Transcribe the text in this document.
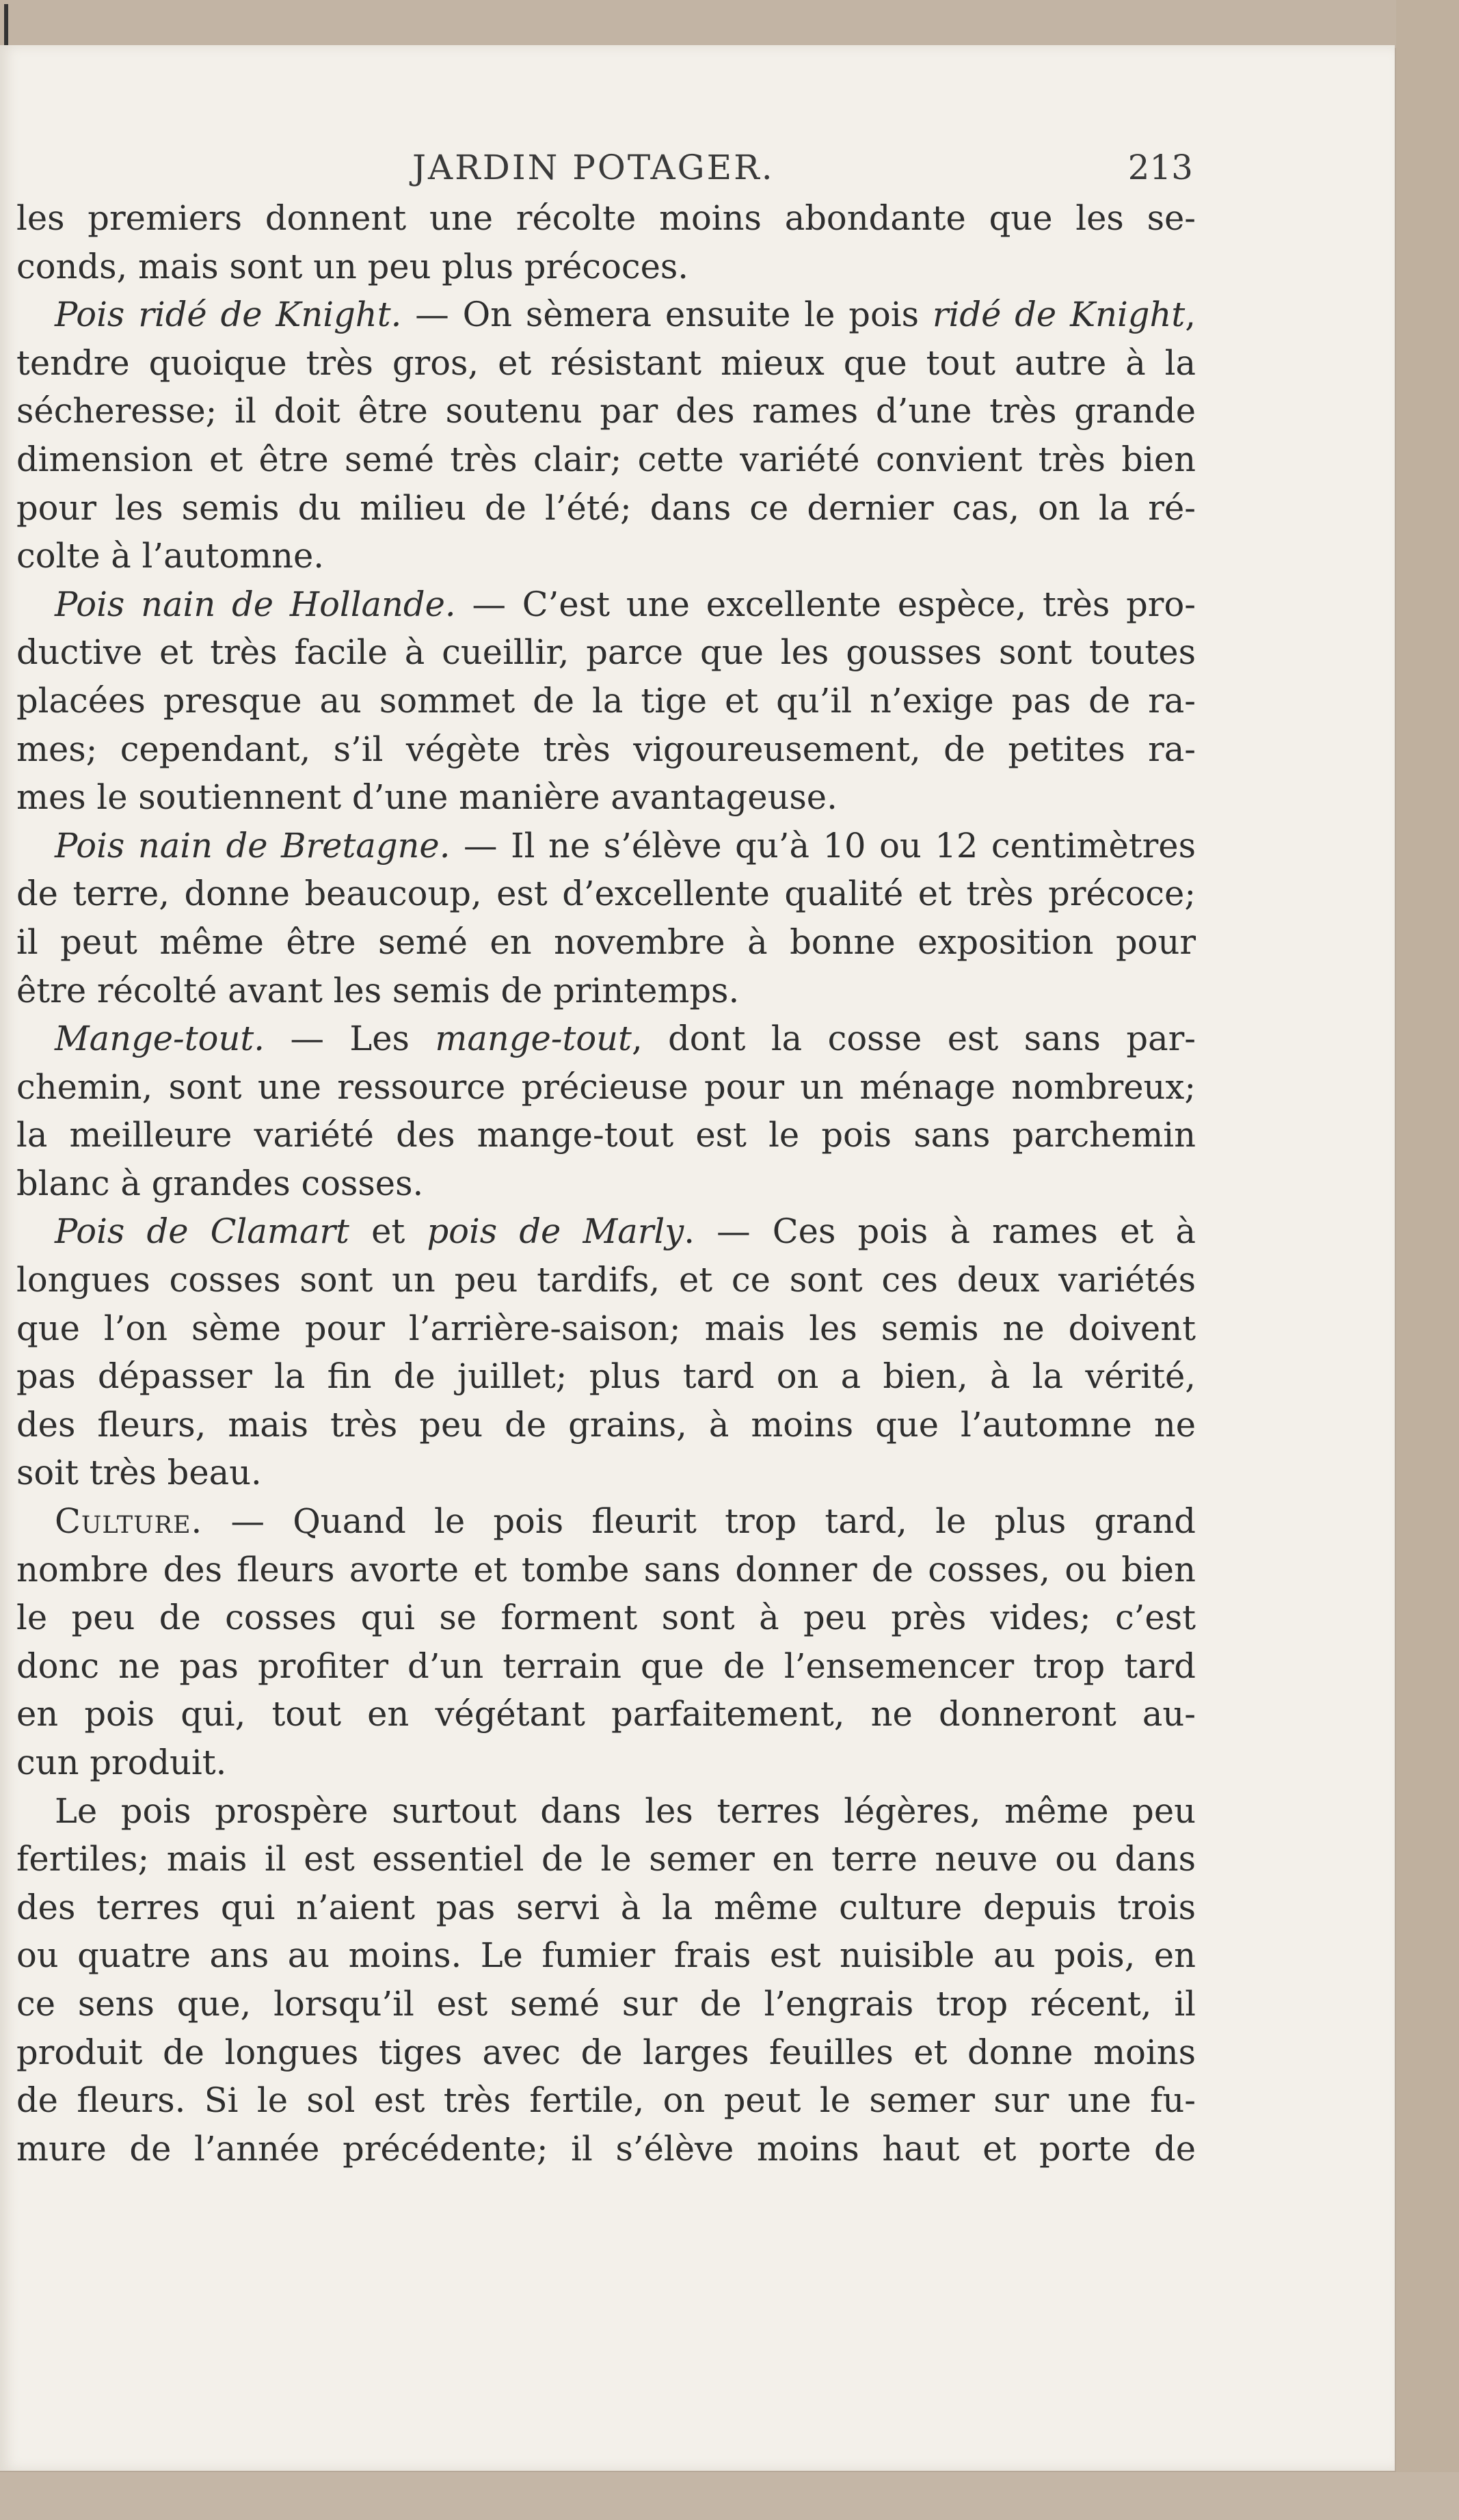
JARDIN POTAGER.	213
les premiers donnent une récolte moins abondante que les se-
conds, mais sont un peu plus précoces.
Pois ridé de Knight. — On sèmera ensuite le pois ridé de Knight,
tendre quoique très gros, et résistant mieux que tout autre à la
sécheresse; il doit être soutenu par des rames d’une très grande
dimension et être semé très clair; cette variété convient très bien
pour les semis du milieu de l’été; dans ce dernier cas, on la ré-
colte à l’automne.
Pois nain de Hollande. — C’est une excellente espèce, très pro-
ductive et très facile à cueillir, parce que les gousses sont toutes
placées presque au sommet de la tige et qu’il n’exige pas de ra-
mes; cependant, s’il végète très vigoureusement, de petites ra-
mes le soutiennent d’une manière avantageuse.
Pois nain de Bretagne. — Il ne s’élève qu’à 10 ou 12 centimètres
de terre, donne beaucoup, est d’excellente qualité et très précoce;
il peut même être semé en novembre à bonne exposition pour
être récolté avant les semis de printemps.
Mange-tout. — Les mange-tout, dont la cosse est sans par-
chemin, sont une ressource précieuse pour un ménage nombreux;
la meilleure variété des mange-tout est le pois sans parchemin
blanc à grandes cosses.
Pois de Clamart et pois de Marly. — Ces pois à rames et à
longues cosses sont un peu tardifs, et ce sont ces deux variétés
que l’on sème pour l’arrière-saison; mais les semis ne doivent
pas dépasser la fin de juillet; plus tard on a bien, à la vérité,
des fleurs, mais très peu de grains, à moins que l’automne ne
soit très beau.
Culture. — Quand le pois fleurit trop tard, le plus grand
nombre des fleurs avorte et tombe sans donner de cosses, ou bien
le peu de cosses qui se forment sont à peu près vides; c’est
donc ne pas profiter d’un terrain que de l’ensemencer trop tard
en pois qui, tout en végétant parfaitement, ne donneront au-
cun produit.
Le pois prospère surtout dans les terres légères, même peu
fertiles; mais il est essentiel de le semer en terre neuve ou dans
des terres qui n’aient pas servi à la même culture depuis trois
ou quatre ans au moins. Le fumier frais est nuisible au pois, en
ce sens que, lorsqu’il est semé sur de l’engrais trop récent, il
produit de longues tiges avec de larges feuilles et donne moins
de fleurs. Si le sol est très fertile, on peut le semer sur une fu-
mure de l’année précédente; il s’élève moins haut et porte de
